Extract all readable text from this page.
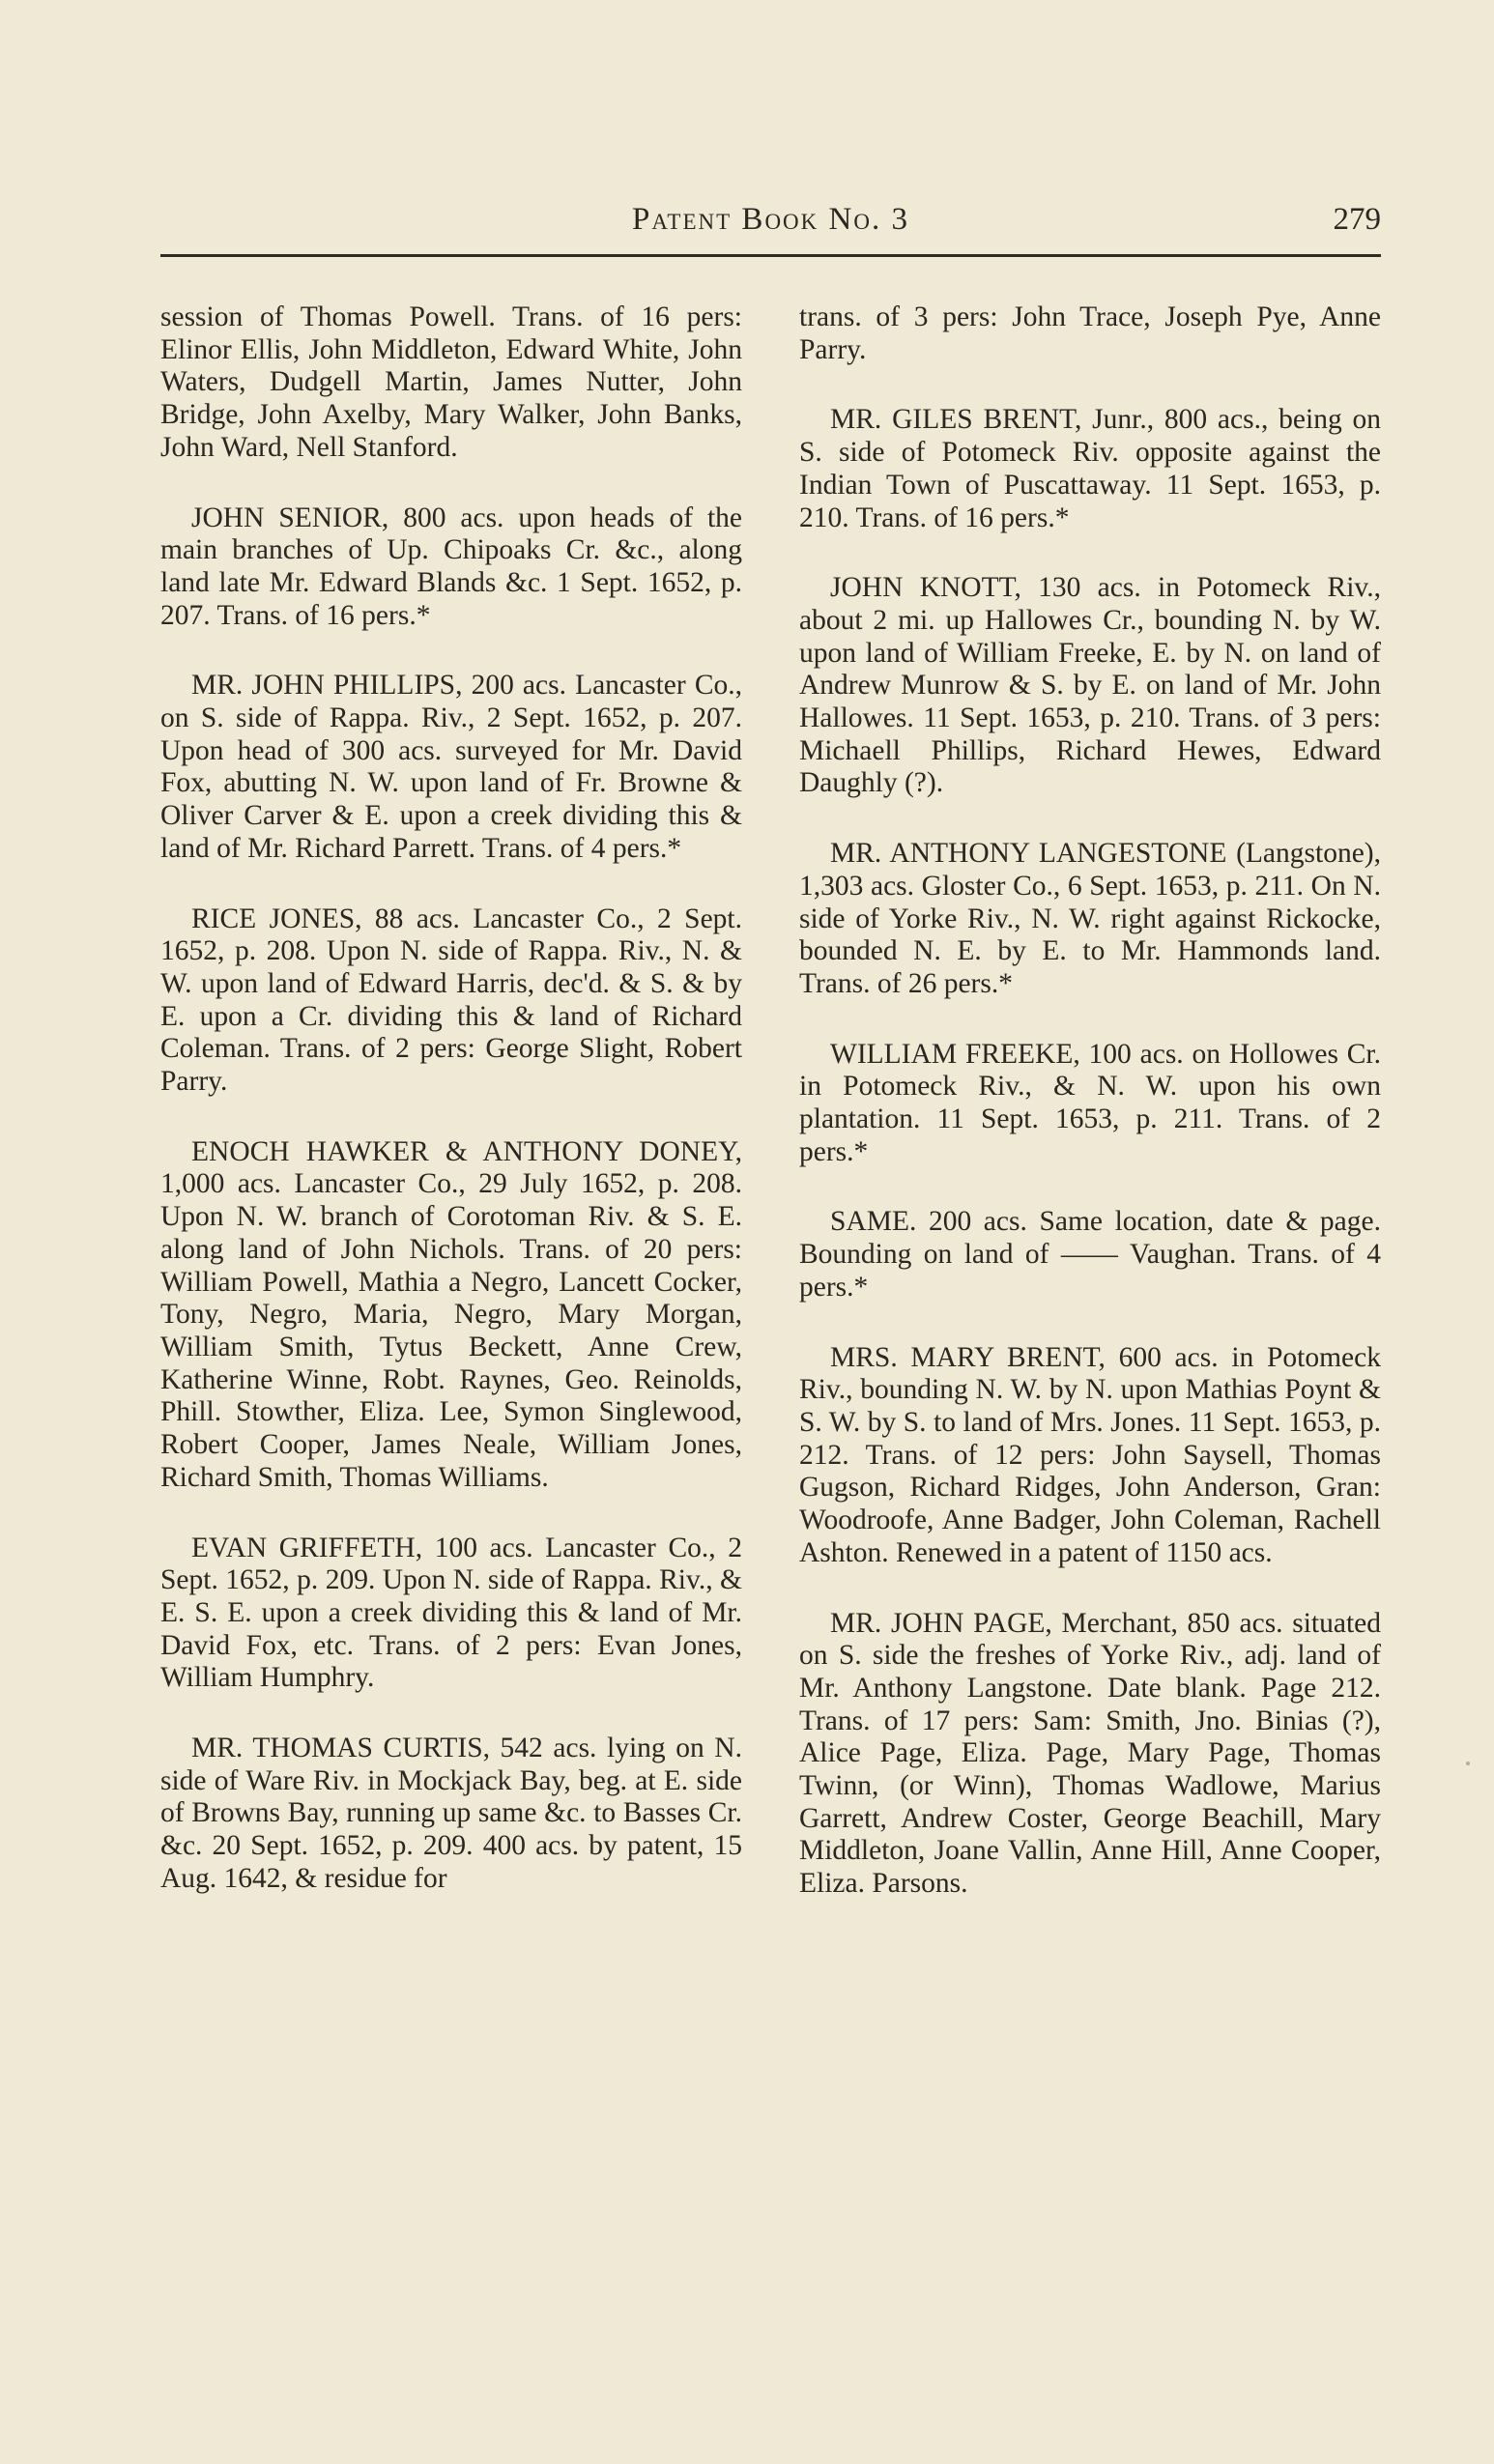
Patent Book No. 3	279

session of Thomas Powell. Trans. of 16 pers: Elinor Ellis, John Middleton, Edward White, John Waters, Dudgell Martin, James Nutter, John Bridge, John Axelby, Mary Walker, John Banks, John Ward, Nell Stanford.

JOHN SENIOR, 800 acs. upon heads of the main branches of Up. Chipoaks Cr. &c., along land late Mr. Edward Blands &c. 1 Sept. 1652, p. 207. Trans. of 16 pers.*

MR. JOHN PHILLIPS, 200 acs. Lancaster Co., on S. side of Rappa. Riv., 2 Sept. 1652, p. 207. Upon head of 300 acs. surveyed for Mr. David Fox, abutting N. W. upon land of Fr. Browne & Oliver Carver & E. upon a creek dividing this & land of Mr. Richard Parrett. Trans. of 4 pers.*

RICE JONES, 88 acs. Lancaster Co., 2 Sept. 1652, p. 208. Upon N. side of Rappa. Riv., N. & W. upon land of Edward Harris, dec'd. & S. & by E. upon a Cr. dividing this & land of Richard Coleman. Trans. of 2 pers: George Slight, Robert Parry.

ENOCH HAWKER & ANTHONY DONEY, 1,000 acs. Lancaster Co., 29 July 1652, p. 208. Upon N. W. branch of Corotoman Riv. & S. E. along land of John Nichols. Trans. of 20 pers: William Powell, Mathia a Negro, Lancett Cocker, Tony, Negro, Maria, Negro, Mary Morgan, William Smith, Tytus Beckett, Anne Crew, Katherine Winne, Robt. Raynes, Geo. Reinolds, Phill. Stowther, Eliza. Lee, Symon Singlewood, Robert Cooper, James Neale, William Jones, Richard Smith, Thomas Williams.

EVAN GRIFFETH, 100 acs. Lancaster Co., 2 Sept. 1652, p. 209. Upon N. side of Rappa. Riv., & E. S. E. upon a creek dividing this & land of Mr. David Fox, etc. Trans. of 2 pers: Evan Jones, William Humphry.

MR. THOMAS CURTIS, 542 acs. lying on N. side of Ware Riv. in Mockjack Bay, beg. at E. side of Browns Bay, running up same &c. to Basses Cr. &c. 20 Sept. 1652, p. 209. 400 acs. by patent, 15 Aug. 1642, & residue for

trans. of 3 pers: John Trace, Joseph Pye, Anne Parry.

MR. GILES BRENT, Junr., 800 acs., being on S. side of Potomeck Riv. opposite against the Indian Town of Puscattaway. 11 Sept. 1653, p. 210. Trans. of 16 pers.*

JOHN KNOTT, 130 acs. in Potomeck Riv., about 2 mi. up Hallowes Cr., bounding N. by W. upon land of William Freeke, E. by N. on land of Andrew Munrow & S. by E. on land of Mr. John Hallowes. 11 Sept. 1653, p. 210. Trans. of 3 pers: Michaell Phillips, Richard Hewes, Edward Daughly (?).

MR. ANTHONY LANGESTONE (Langstone), 1,303 acs. Gloster Co., 6 Sept. 1653, p. 211. On N. side of Yorke Riv., N. W. right against Rickocke, bounded N. E. by E. to Mr. Hammonds land. Trans. of 26 pers.*

WILLIAM FREEKE, 100 acs. on Hollowes Cr. in Potomeck Riv., & N. W. upon his own plantation. 11 Sept. 1653, p. 211. Trans. of 2 pers.*

SAME. 200 acs. Same location, date & page. Bounding on land of —— Vaughan. Trans. of 4 pers.*

MRS. MARY BRENT, 600 acs. in Potomeck Riv., bounding N. W. by N. upon Mathias Poynt & S. W. by S. to land of Mrs. Jones. 11 Sept. 1653, p. 212. Trans. of 12 pers: John Saysell, Thomas Gugson, Richard Ridges, John Anderson, Gran: Woodroofe, Anne Badger, John Coleman, Rachell Ashton. Renewed in a patent of 1150 acs.

MR. JOHN PAGE, Merchant, 850 acs. situated on S. side the freshes of Yorke Riv., adj. land of Mr. Anthony Langstone. Date blank. Page 212. Trans. of 17 pers: Sam: Smith, Jno. Binias (?), Alice Page, Eliza. Page, Mary Page, Thomas Twinn, (or Winn), Thomas Wadlowe, Marius Garrett, Andrew Coster, George Beachill, Mary Middleton, Joane Vallin, Anne Hill, Anne Cooper, Eliza. Parsons.
